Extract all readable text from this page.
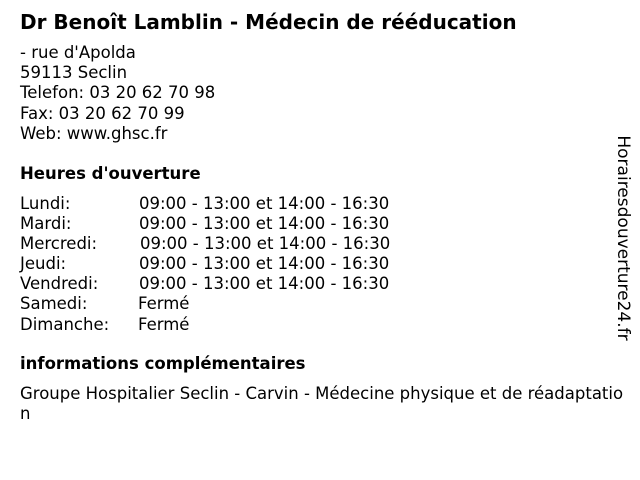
Dr Benoît Lamblin - Médecin de rééducation
- rue d'Apolda
59113 Seclin
Telefon: 03 20 62 70 98
Fax: 03 20 62 70 99
Web: www.ghsc.fr
Heures d'ouverture
Lundi:	09:00 - 13:00 et 14:00 - 16:30
Mardi:	09:00 - 13:00 et 14:00 - 16:30
Mercredi:	09:00 - 13:00 et 14:00 - 16:30
Jeudi:	09:00 - 13:00 et 14:00 - 16:30
Vendredi: 09:00 - 13:00 et 14:00 - 16:30
Samedi:	Fermé
Dimanche: Fermé
informations complémentaires
Groupe Hospitalier Seclin - Carvin - Médecine physique et de réadaptation
Horairesdouverture24.fr
